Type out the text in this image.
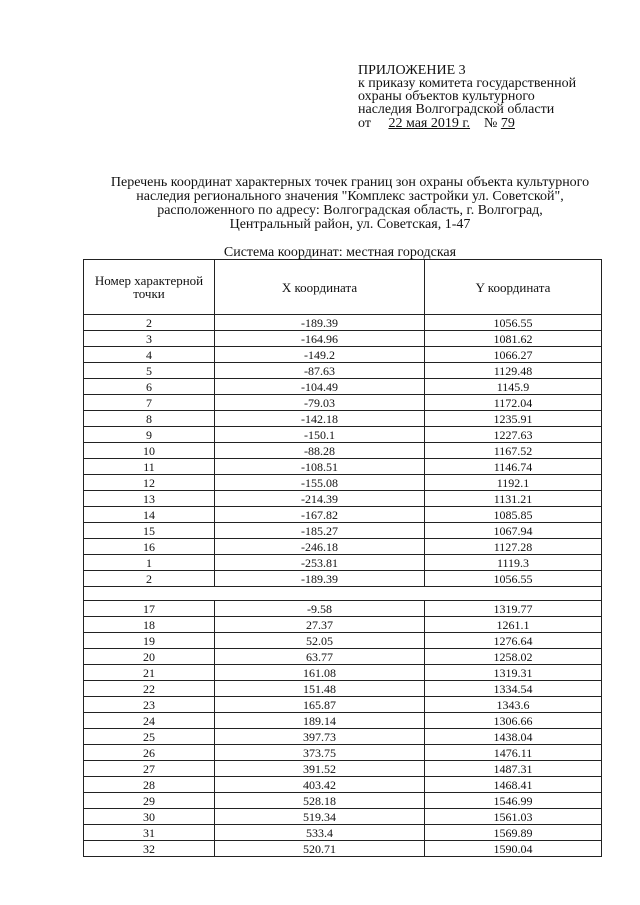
ПРИЛОЖЕНИЕ 3
к приказу комитета государственной
охраны объектов культурного
наследия Волгоградской области
от 22 мая 2019 г. № 79
Перечень координат характерных точек границ зон охраны объекта культурного
наследия регионального значения "Комплекс застройки ул. Советской",
расположенного по адресу: Волгоградская область, г. Волгоград,
Центральный район, ул. Советская, 1-47
Система координат: местная городская
Номер характерной точки	X координата	Y координата
2	-189.39	1056.55
3	-164.96	1081.62
4	-149.2	1066.27
5	-87.63	1129.48
6	-104.49	1145.9
7	-79.03	1172.04
8	-142.18	1235.91
9	-150.1	1227.63
10	-88.28	1167.52
11	-108.51	1146.74
12	-155.08	1192.1
13	-214.39	1131.21
14	-167.82	1085.85
15	-185.27	1067.94
16	-246.18	1127.28
1	-253.81	1119.3
2	-189.39	1056.55

17	-9.58	1319.77
18	27.37	1261.1
19	52.05	1276.64
20	63.77	1258.02
21	161.08	1319.31
22	151.48	1334.54
23	165.87	1343.6
24	189.14	1306.66
25	397.73	1438.04
26	373.75	1476.11
27	391.52	1487.31
28	403.42	1468.41
29	528.18	1546.99
30	519.34	1561.03
31	533.4	1569.89
32	520.71	1590.04
